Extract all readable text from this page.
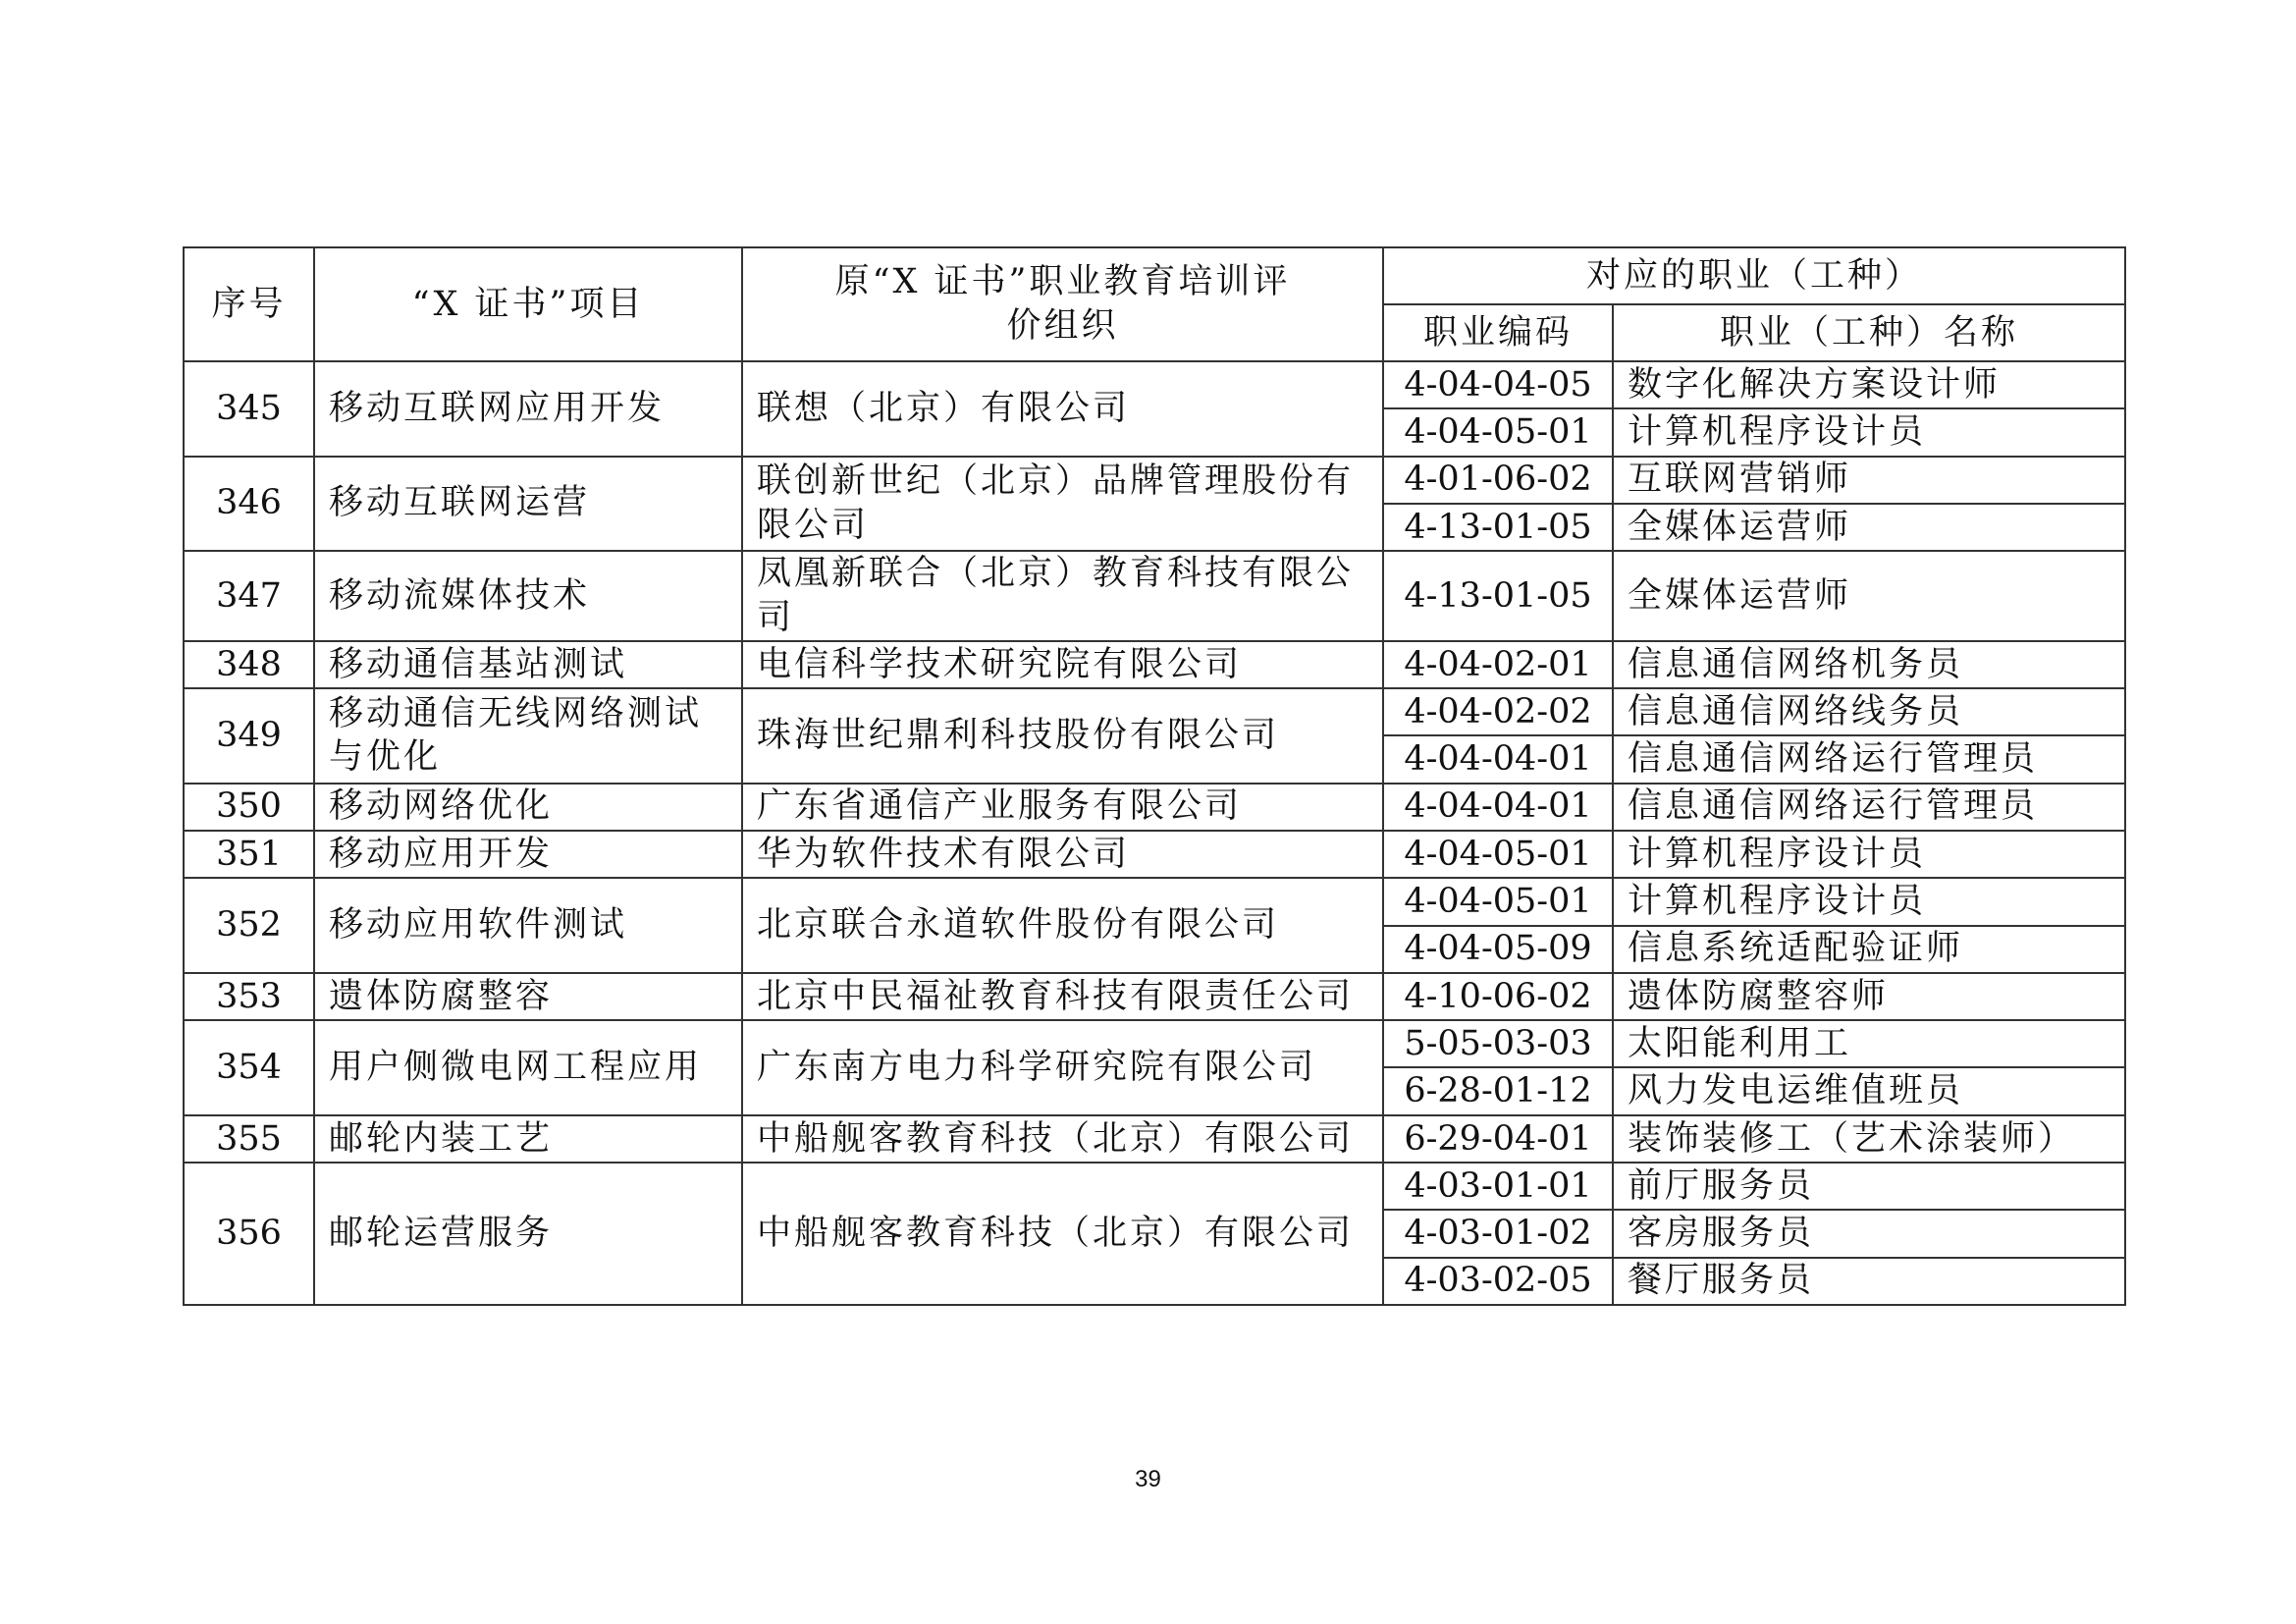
序号	“X 证书”项目	原“X 证书”职业教育培训评价组织	对应的职业（工种）	
			职业编码	职业（工种）名称
345	移动互联网应用开发	联想（北京）有限公司	4-04-04-05	数字化解决方案设计师
			4-04-05-01	计算机程序设计员
346	移动互联网运营	联创新世纪（北京）品牌管理股份有限公司	4-01-06-02	互联网营销师
			4-13-01-05	全媒体运营师
347	移动流媒体技术	凤凰新联合（北京）教育科技有限公司	4-13-01-05	全媒体运营师
348	移动通信基站测试	电信科学技术研究院有限公司	4-04-02-01	信息通信网络机务员
349	移动通信无线网络测试与优化	珠海世纪鼎利科技股份有限公司	4-04-02-02	信息通信网络线务员
			4-04-04-01	信息通信网络运行管理员
350	移动网络优化	广东省通信产业服务有限公司	4-04-04-01	信息通信网络运行管理员
351	移动应用开发	华为软件技术有限公司	4-04-05-01	计算机程序设计员
352	移动应用软件测试	北京联合永道软件股份有限公司	4-04-05-01	计算机程序设计员
			4-04-05-09	信息系统适配验证师
353	遗体防腐整容	北京中民福祉教育科技有限责任公司	4-10-06-02	遗体防腐整容师
354	用户侧微电网工程应用	广东南方电力科学研究院有限公司	5-05-03-03	太阳能利用工
			6-28-01-12	风力发电运维值班员
355	邮轮内装工艺	中船舰客教育科技（北京）有限公司	6-29-04-01	装饰装修工（艺术涂装师）
356	邮轮运营服务	中船舰客教育科技（北京）有限公司	4-03-01-01	前厅服务员
			4-03-01-02	客房服务员
			4-03-02-05	餐厅服务员
39
